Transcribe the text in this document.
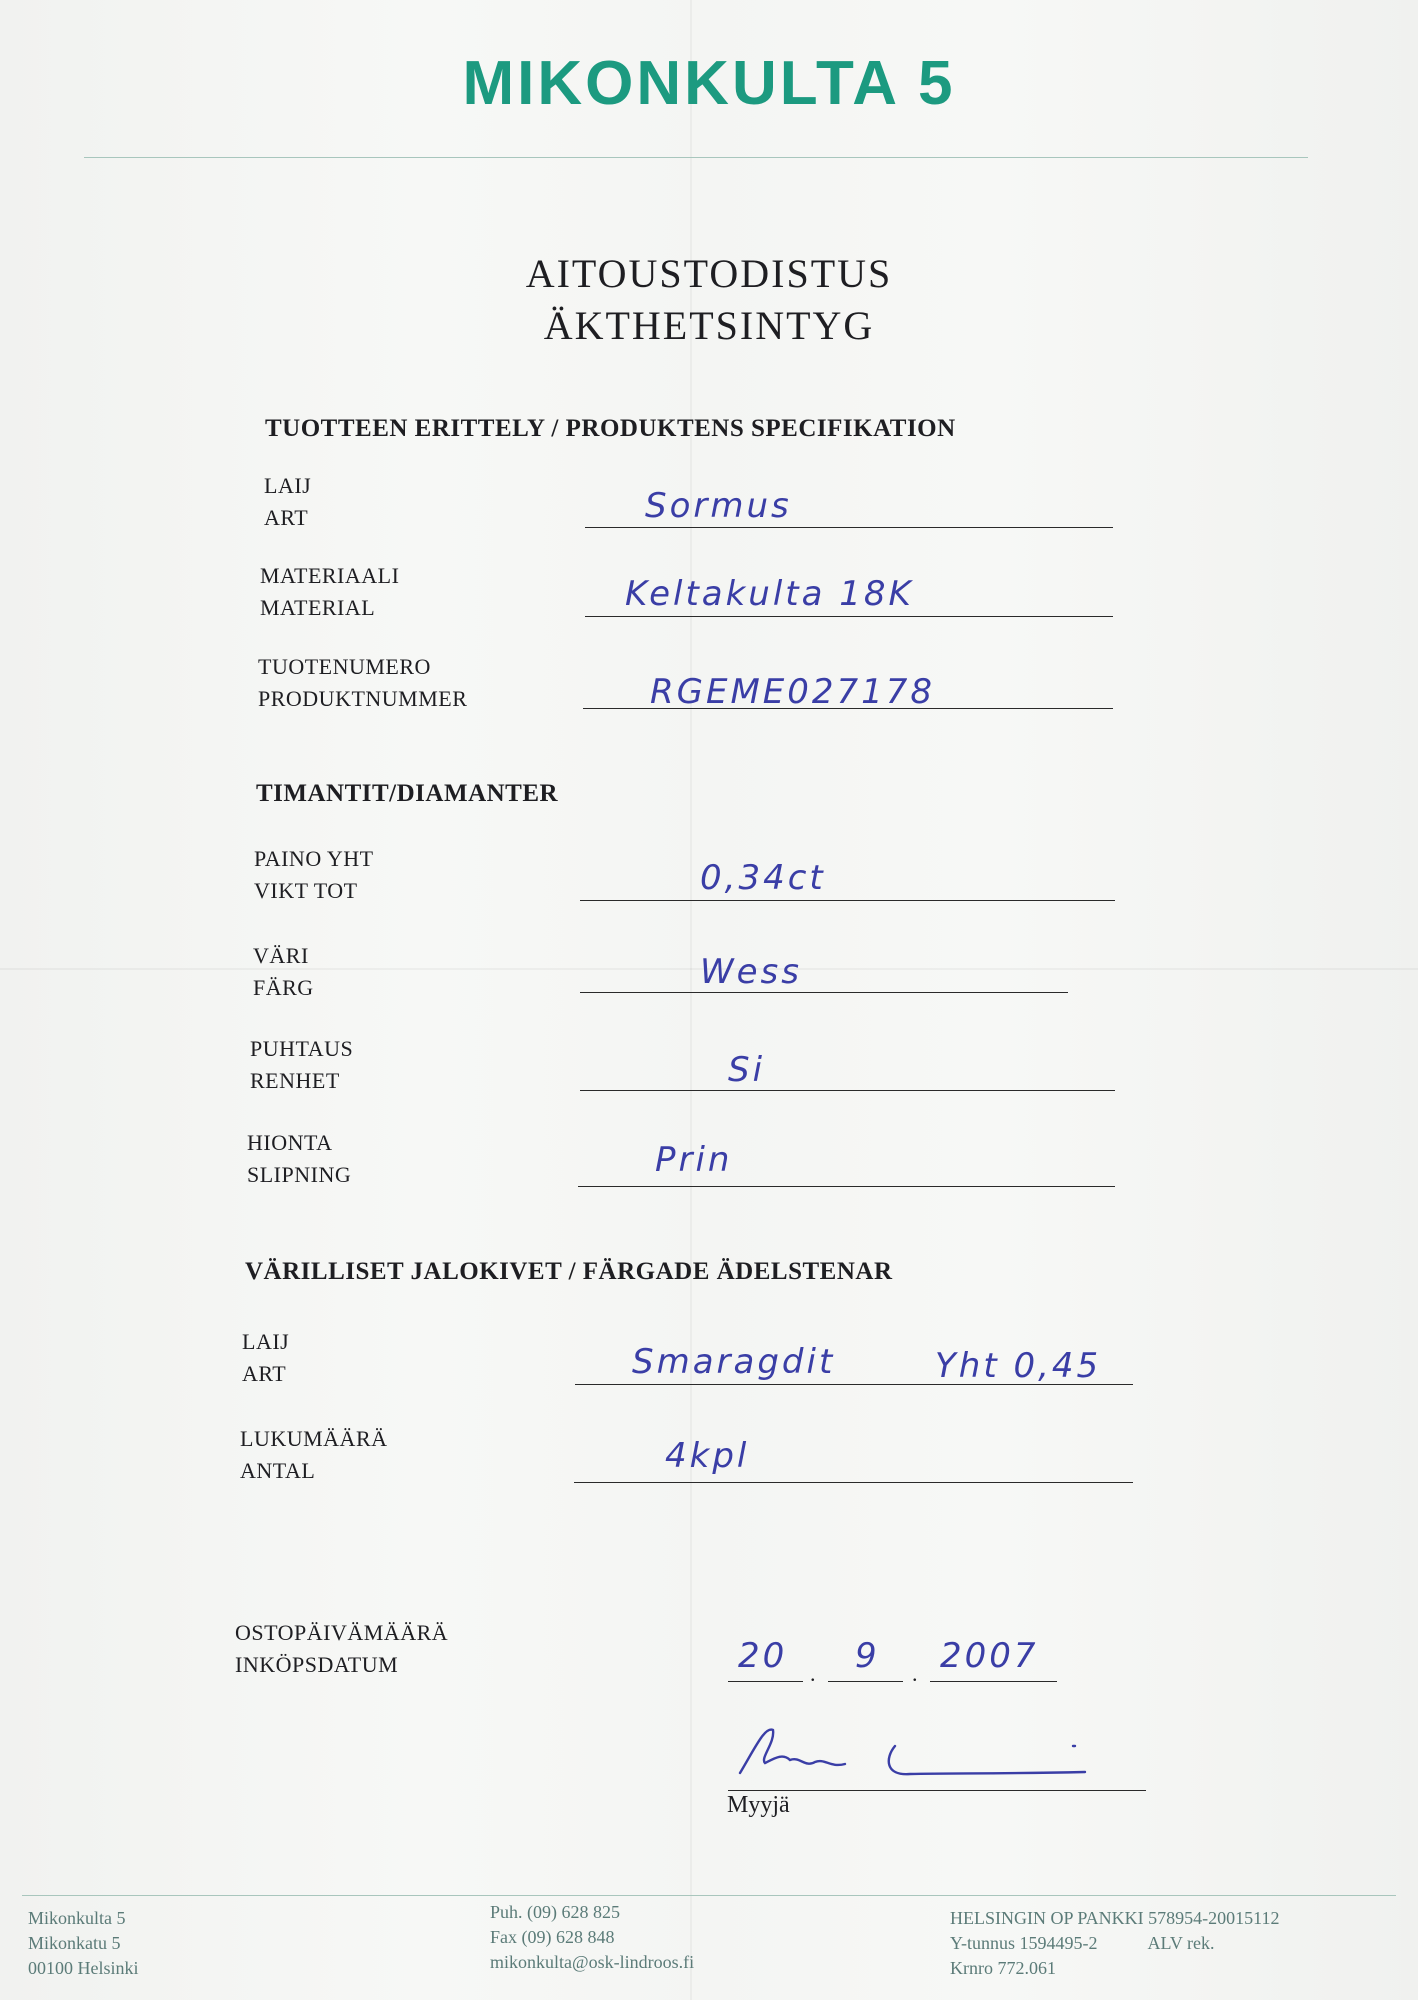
MIKONKULTA 5
AITOUSTODISTUS
ÄKTHETSINTYG
TUOTTEEN ERITTELY / PRODUKTENS SPECIFIKATION
LAIJ
ART	Sormus
MATERIAALI
MATERIAL	Keltakulta 18K
TUOTENUMERO
PRODUKTNUMMER	RGEME027178
TIMANTIT/DIAMANTER
PAINO YHT
VIKT TOT	0,34ct
VÄRI
FÄRG	Wess
PUHTAUS
RENHET	Si
HIONTA
SLIPNING	Prin
VÄRILLISET JALOKIVET / FÄRGADE ÄDELSTENAR
LAIJ
ART	Smaragdit	Yht 0,45
LUKUMÄÄRÄ
ANTAL	4kpl
OSTOPÄIVÄMÄÄRÄ
INKÖPSDATUM	20 . 9 . 2007
Myyjä
Mikonkulta 5
Mikonkatu 5
00100 Helsinki
Puh. (09) 628 825
Fax (09) 628 848
mikonkulta@osk-lindroos.fi
HELSINGIN OP PANKKI 578954-20015112
Y-tunnus 1594495-2	ALV rek.
Krnro 772.061
